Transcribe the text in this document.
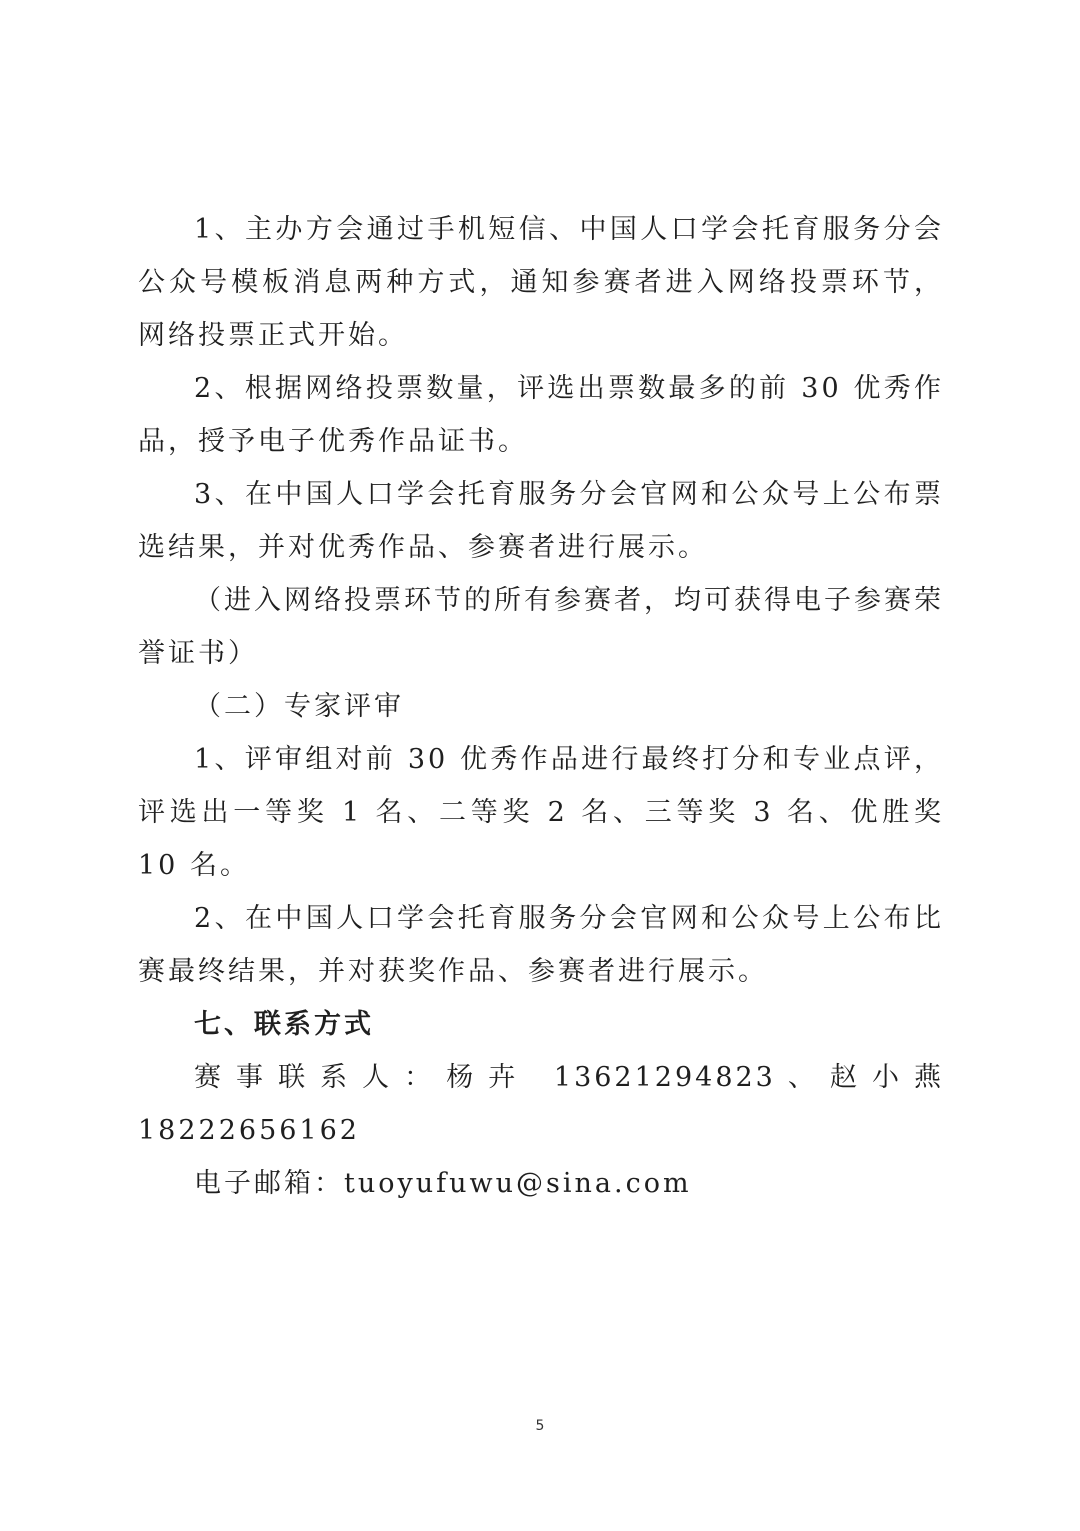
1、主办方会通过手机短信、中国人口学会托育服务分会公众号模板消息两种方式，通知参赛者进入网络投票环节，网络投票正式开始。

2、根据网络投票数量，评选出票数最多的前 30 优秀作品，授予电子优秀作品证书。

3、在中国人口学会托育服务分会官网和公众号上公布票选结果，并对优秀作品、参赛者进行展示。

（进入网络投票环节的所有参赛者，均可获得电子参赛荣誉证书）

（二）专家评审

1、评审组对前 30 优秀作品进行最终打分和专业点评，评选出一等奖 1 名、二等奖 2 名、三等奖 3 名、优胜奖 10 名。

2、在中国人口学会托育服务分会官网和公众号上公布比赛最终结果，并对获奖作品、参赛者进行展示。

七、联系方式

赛事联系人：杨卉 13621294823、赵小燕 18222656162

电子邮箱：tuoyufuwu@sina.com

5
